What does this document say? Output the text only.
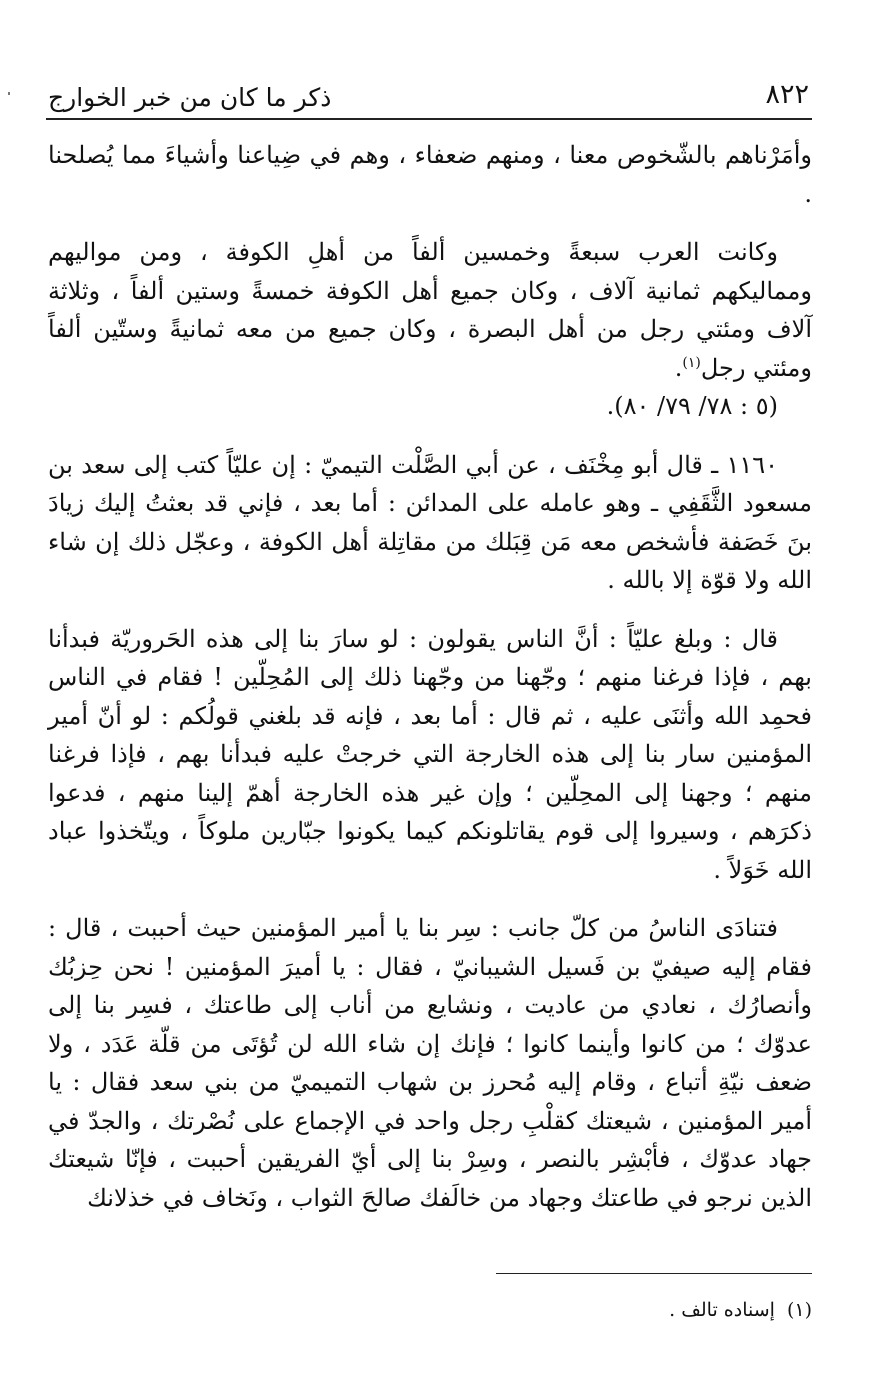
٨٢٢
ذكر ما كان من خبر الخوارج

وأمَرْناهم بالشّخوص معنا ، ومنهم ضعفاء ، وهم في ضِياعنا وأشياءَ مما يُصلحنا .

وكانت العرب سبعةً وخمسين ألفاً من أهلِ الكوفة ، ومن مواليهم ومماليكهم ثمانية آلاف ، وكان جميع أهل الكوفة خمسةً وستين ألفاً ، وثلاثة آلاف ومئتي رجل من أهل البصرة ، وكان جميع من معه ثمانيةً وستّين ألفاً ومئتي رجل$^{(١)}$.
(٥ : ٧٨/ ٧٩/ ٨٠).

١١٦٠ ـ قال أبو مِخْنَف ، عن أبي الصَّلْت التيميّ : إن عليّاً كتب إلى سعد بن مسعود الثَّقَفِي ـ وهو عامله على المدائن : أما بعد ، فإني قد بعثتُ إليك زيادَ بنَ خَصَفة فأشخص معه مَن قِبَلك من مقاتِلة أهل الكوفة ، وعجّل ذلك إن شاء الله ولا قوّة إلا بالله .

قال : وبلغ عليّاً : أنَّ الناس يقولون : لو سارَ بنا إلى هذه الحَروريّة فبدأنا بهم ، فإذا فرغنا منهم ؛ وجّهنا من وجّهنا ذلك إلى المُحِلّين ! فقام في الناس فحمِد الله وأثنَى عليه ، ثم قال : أما بعد ، فإنه قد بلغني قولُكم : لو أنّ أمير المؤمنين سار بنا إلى هذه الخارجة التي خرجتْ عليه فبدأنا بهم ، فإذا فرغنا منهم ؛ وجهنا إلى المحِلّين ؛ وإن غير هذه الخارجة أهمّ إلينا منهم ، فدعوا ذكرَهم ، وسيروا إلى قوم يقاتلونكم كيما يكونوا جبّارين ملوكاً ، ويتّخذوا عباد الله خَوَلاً .

فتنادَى الناسُ من كلّ جانب : سِر بنا يا أمير المؤمنين حيث أحببت ، قال : فقام إليه صيفيّ بن فَسيل الشيبانيّ ، فقال : يا أميرَ المؤمنين ! نحن حِزبُك وأنصارُك ، نعادي من عاديت ، ونشايع من أناب إلى طاعتك ، فسِر بنا إلى عدوّك ؛ من كانوا وأينما كانوا ؛ فإنك إن شاء الله لن تُؤتَى من قلّة عَدَد ، ولا ضعف نيّةِ أتباع ، وقام إليه مُحرز بن شهاب التميميّ من بني سعد فقال : يا أمير المؤمنين ، شيعتك كقلْبِ رجل واحد في الإجماع على نُصْرتك ، والجدّ في جهاد عدوّك ، فأبْشِر بالنصر ، وسِرْ بنا إلى أيّ الفريقين أحببت ، فإنّا شيعتك الذين نرجو في طاعتك وجهاد من خالَفك صالحَ الثواب ، ونَخاف في خذلانك

(١)إسناده تالف .
